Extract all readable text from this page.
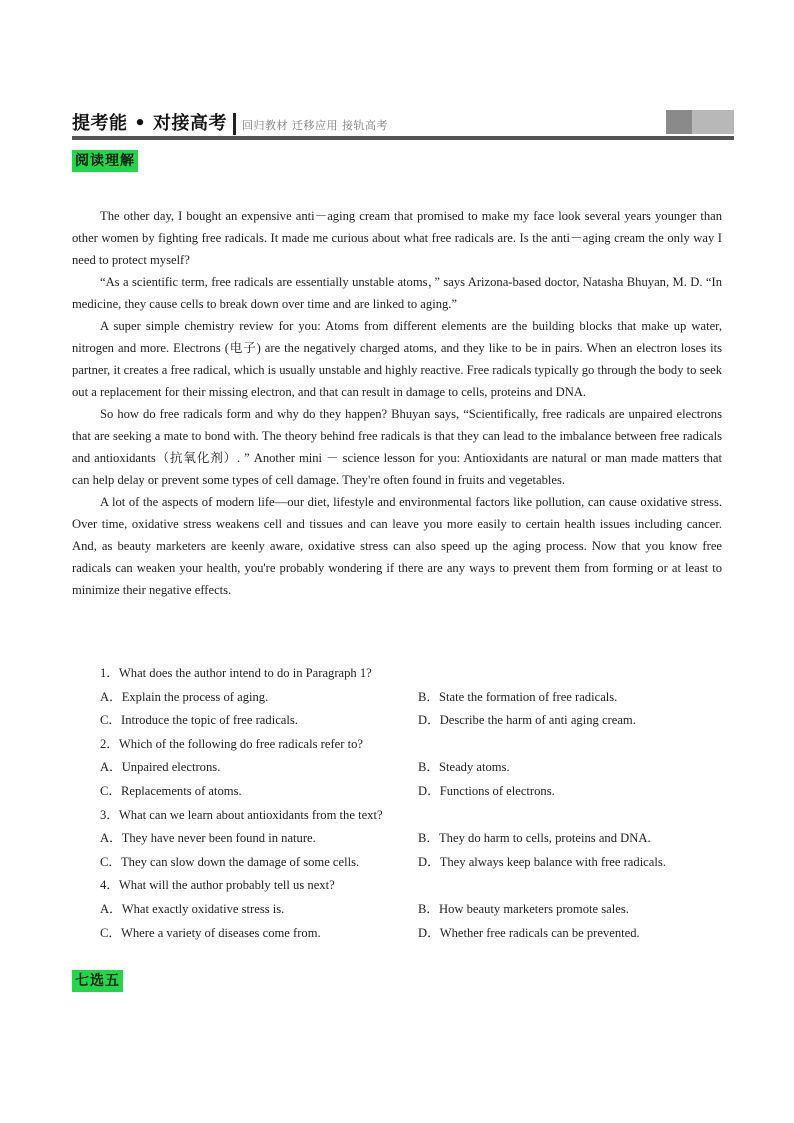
提考能 • 对接高考 回归教材 迁移应用 接轨高考
阅读理解

The other day, I bought an expensive anti－aging cream that promised to make my face look several years younger than other women by fighting free radicals. It made me curious about what free radicals are. Is the anti－aging cream the only way I need to protect myself?

“As a scientific term, free radicals are essentially unstable atoms，” says Arizona-based doctor, Natasha Bhuyan, M. D. “In medicine, they cause cells to break down over time and are linked to aging.”

A super simple chemistry review for you: Atoms from different elements are the building blocks that make up water, nitrogen and more. Electrons (电子) are the negatively charged atoms, and they like to be in pairs. When an electron loses its partner, it creates a free radical, which is usually unstable and highly reactive. Free radicals typically go through the body to seek out a replacement for their missing electron, and that can result in damage to cells, proteins and DNA.

So how do free radicals form and why do they happen? Bhuyan says, “Scientifically, free radicals are unpaired electrons that are seeking a mate to bond with. The theory behind free radicals is that they can lead to the imbalance between free radicals and antioxidants（抗氧化剂）. ” Another mini － science lesson for you: Antioxidants are natural or man made matters that can help delay or prevent some types of cell damage. They're often found in fruits and vegetables.

A lot of the aspects of modern life—our diet, lifestyle and environmental factors like pollution, can cause oxidative stress. Over time, oxidative stress weakens cell and tissues and can leave you more easily to certain health issues including cancer. And, as beauty marketers are keenly aware, oxidative stress can also speed up the aging process. Now that you know free radicals can weaken your health, you're probably wondering if there are any ways to prevent them from forming or at least to minimize their negative effects.

1．What does the author intend to do in Paragraph 1?

A．Explain the process of aging.	B．State the formation of free radicals.
C．Introduce the topic of free radicals.	D．Describe the harm of anti aging cream.

2．Which of the following do free radicals refer to?

A．Unpaired electrons.	B．Steady atoms.
C．Replacements of atoms.	D．Functions of electrons.

3．What can we learn about antioxidants from the text?

A．They have never been found in nature.	B．They do harm to cells, proteins and DNA.
C．They can slow down the damage of some cells.	D．They always keep balance with free radicals.

4．What will the author probably tell us next?

A．What exactly oxidative stress is.	B．How beauty marketers promote sales.
C．Where a variety of diseases come from.	D．Whether free radicals can be prevented.
七选五
